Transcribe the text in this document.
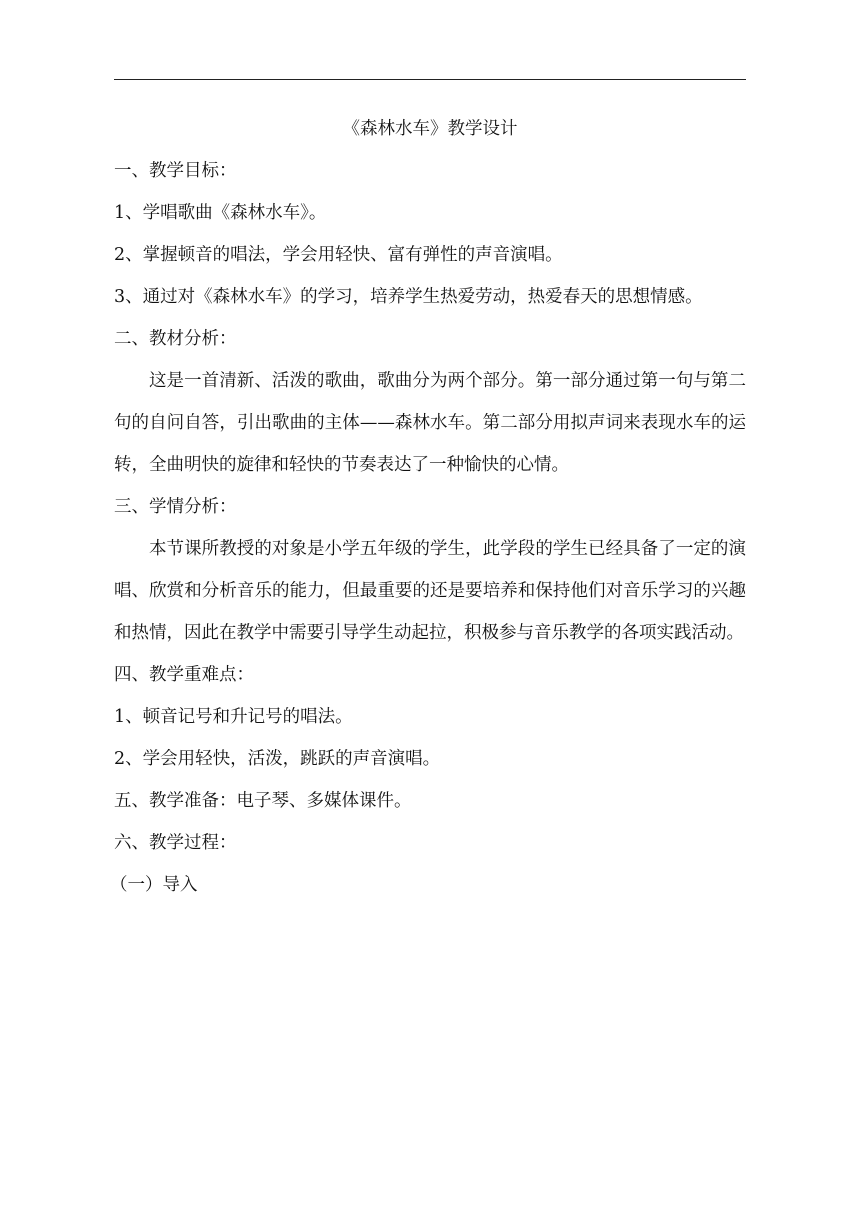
《森林水车》教学设计
一、教学目标：
1、学唱歌曲《森林水车》。
2、掌握顿音的唱法，学会用轻快、富有弹性的声音演唱。
3、通过对《森林水车》的学习，培养学生热爱劳动，热爱春天的思想情感。
二、教材分析：
这是一首清新、活泼的歌曲，歌曲分为两个部分。第一部分通过第一句与第二句的自问自答，引出歌曲的主体——森林水车。第二部分用拟声词来表现水车的运转，全曲明快的旋律和轻快的节奏表达了一种愉快的心情。
三、学情分析：
本节课所教授的对象是小学五年级的学生，此学段的学生已经具备了一定的演唱、欣赏和分析音乐的能力，但最重要的还是要培养和保持他们对音乐学习的兴趣和热情，因此在教学中需要引导学生动起拉，积极参与音乐教学的各项实践活动。
四、教学重难点：
1、顿音记号和升记号的唱法。
2、学会用轻快，活泼，跳跃的声音演唱。
五、教学准备：电子琴、多媒体课件。
六、教学过程：
（一）导入
